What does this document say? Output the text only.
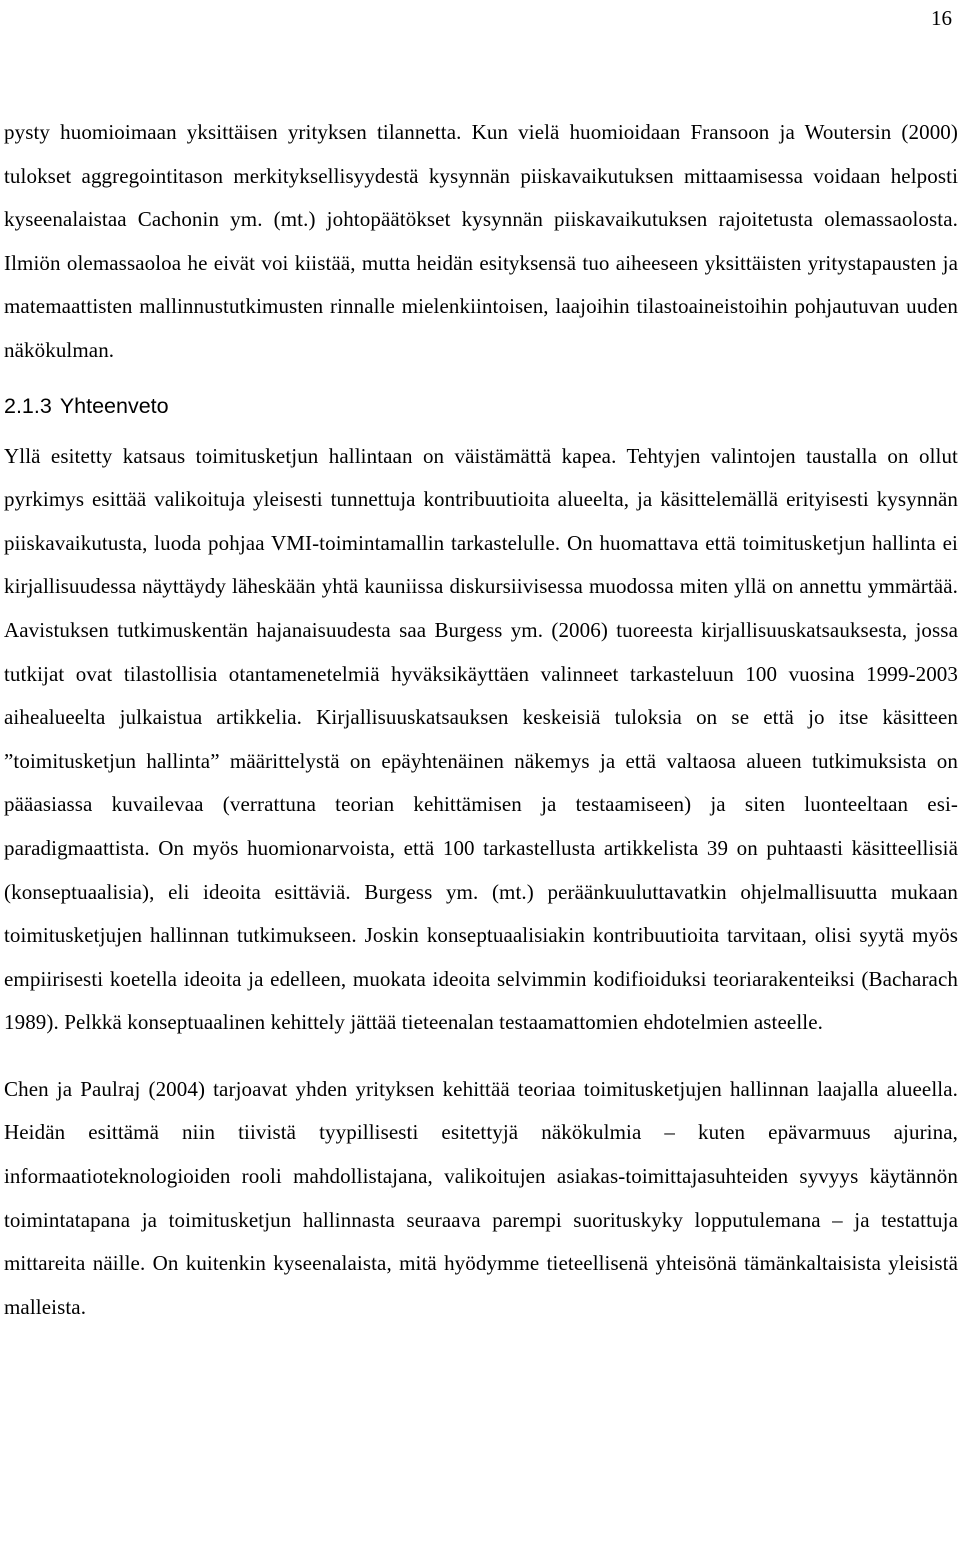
16

pysty huomioimaan yksittäisen yrityksen tilannetta. Kun vielä huomioidaan Fransoon ja Woutersin (2000) tulokset aggregointitason merkityksellisyydestä kysynnän piiskavaikutuksen mittaamisessa voidaan helposti kyseenalaistaa Cachonin ym. (mt.) johtopäätökset kysynnän piiskavaikutuksen rajoitetusta olemassaolosta. Ilmiön olemassaoloa he eivät voi kiistää, mutta heidän esityksensä tuo aiheeseen yksittäisten yritystapausten ja matemaattisten mallinnustutkimusten rinnalle mielenkiintoisen, laajoihin tilastoaineistoihin pohjautuvan uuden näkökulman.

2.1.3 Yhteenveto

Yllä esitetty katsaus toimitusketjun hallintaan on väistämättä kapea. Tehtyjen valintojen taustalla on ollut pyrkimys esittää valikoituja yleisesti tunnettuja kontribuutioita alueelta, ja käsittelemällä erityisesti kysynnän piiskavaikutusta, luoda pohjaa VMI-toimintamallin tarkastelulle. On huomattava että toimitusketjun hallinta ei kirjallisuudessa näyttäydy läheskään yhtä kauniissa diskursiivisessa muodossa miten yllä on annettu ymmärtää. Aavistuksen tutkimuskentän hajanaisuudesta saa Burgess ym. (2006) tuoreesta kirjallisuuskatsauksesta, jossa tutkijat ovat tilastollisia otantamenetelmiä hyväksikäyttäen valinneet tarkasteluun 100 vuosina 1999-2003 aihealueelta julkaistua artikkelia. Kirjallisuuskatsauksen keskeisiä tuloksia on se että jo itse käsitteen ”toimitusketjun hallinta” määrittelystä on epäyhtenäinen näkemys ja että valtaosa alueen tutkimuksista on pääasiassa kuvailevaa (verrattuna teorian kehittämisen ja testaamiseen) ja siten luonteeltaan esi-paradigmaattista. On myös huomionarvoista, että 100 tarkastellusta artikkelista 39 on puhtaasti käsitteellisiä (konseptuaalisia), eli ideoita esittäviä. Burgess ym. (mt.) peräänkuuluttavatkin ohjelmallisuutta mukaan toimitusketjujen hallinnan tutkimukseen. Joskin konseptuaalisiakin kontribuutioita tarvitaan, olisi syytä myös empiirisesti koetella ideoita ja edelleen, muokata ideoita selvimmin kodifioiduksi teoriarakenteiksi (Bacharach 1989). Pelkkä konseptuaalinen kehittely jättää tieteenalan testaamattomien ehdotelmien asteelle.

Chen ja Paulraj (2004) tarjoavat yhden yrityksen kehittää teoriaa toimitusketjujen hallinnan laajalla alueella. Heidän esittämä niin tiivistä tyypillisesti esitettyjä näkökulmia – kuten epävarmuus ajurina, informaatioteknologioiden rooli mahdollistajana, valikoitujen asiakas-toimittajasuhteiden syvyys käytännön toimintatapana ja toimitusketjun hallinnasta seuraava parempi suorituskyky lopputulemana – ja testattuja mittareita näille. On kuitenkin kyseenalaista, mitä hyödymme tieteellisenä yhteisönä tämänkaltaisista yleisistä malleista.
